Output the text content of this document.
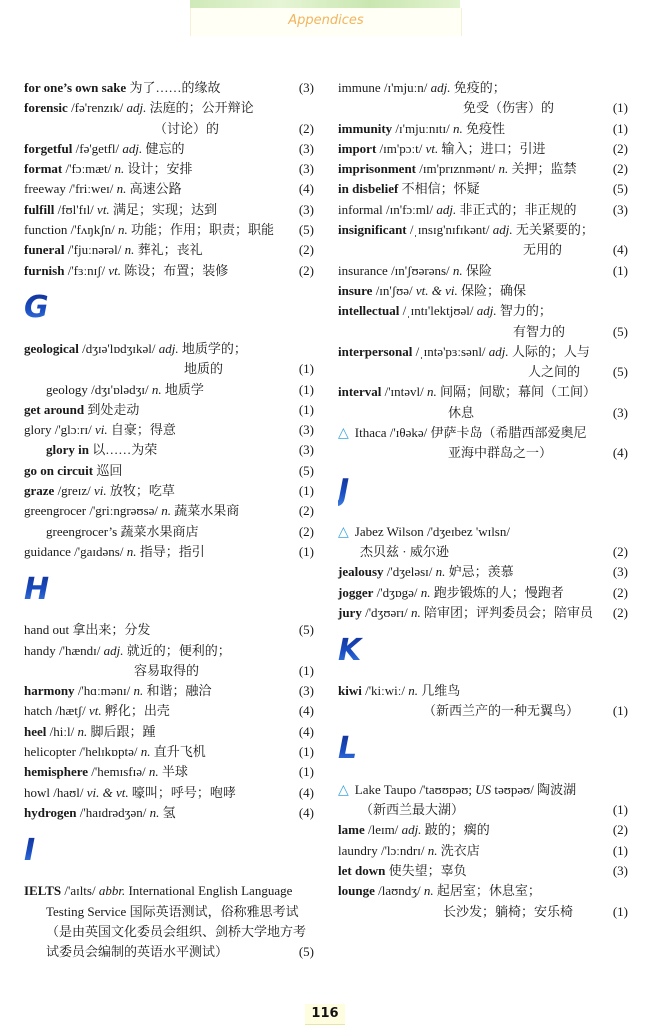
Appendices
for one’s own sake 为了……的缘故	(3)
forensic /fə'renzɪk/ adj. 法庭的；公开辩论
（讨论）的	(2)
forgetful /fə'getfl/ adj. 健忘的	(3)
format /'fɔːmæt/ n. 设计；安排	(3)
freeway /'friːweɪ/ n. 高速公路	(4)
fulfill /fʊl'fɪl/ vt. 满足；实现；达到	(3)
function /'fʌŋkʃn/ n. 功能；作用；职责；职能 (5)
funeral /'fjuːnərəl/ n. 葬礼；丧礼	(2)
furnish /'fɜːnɪʃ/ vt. 陈设；布置；装修	(2)
G
geological /dʒɪə'lɒdʒɪkəl/ adj. 地质学的；
地质的	(1)
geology /dʒɪ'ɒlədʒɪ/ n. 地质学	(1)
get around 到处走动	(1)
glory /'glɔːrɪ/ vi. 自豪；得意	(3)
glory in 以……为荣	(3)
go on circuit 巡回	(5)
graze /greɪz/ vi. 放牧；吃草	(1)
greengrocer /'griːngrəʊsə/ n. 蔬菜水果商	(2)
greengrocer’s 蔬菜水果商店	(2)
guidance /'gaɪdəns/ n. 指导；指引	(1)
H
hand out 拿出来；分发	(5)
handy /'hændɪ/ adj. 就近的；便利的；
容易取得的	(1)
harmony /'hɑːmənɪ/ n. 和谐；融洽	(3)
hatch /hætʃ/ vt. 孵化；出壳	(4)
heel /hiːl/ n. 脚后跟；踵	(4)
helicopter /'helɪkɒptə/ n. 直升飞机	(1)
hemisphere /'hemɪsfɪə/ n. 半球	(1)
howl /haʊl/ vi. & vt. 嚎叫；呼号；咆哮	(4)
hydrogen /'haɪdrədʒən/ n. 氢	(4)
I
IELTS /'aɪlts/ abbr. International English Language
Testing Service 国际英语测试，俗称雅思考试
（是由英国文化委员会组织、剑桥大学地方考
试委员会编制的英语水平测试）	(5)
immune /ɪ'mjuːn/ adj. 免疫的；
免受（伤害）的	(1)
immunity /ɪ'mjuːnɪtɪ/ n. 免疫性	(1)
import /ɪm'pɔːt/ vt. 输入；进口；引进	(2)
imprisonment /ɪm'prɪznmənt/ n. 关押；监禁	(2)
in disbelief 不相信；怀疑	(5)
informal /ɪn'fɔːml/ adj. 非正式的；非正规的	(3)
insignificant /ˌɪnsɪg'nɪfɪkənt/ adj. 无关紧要的；
无用的	(4)
insurance /ɪn'ʃʊərəns/ n. 保险	(1)
insure /ɪn'ʃʊə/ vt. & vi. 保险；确保
intellectual /ˌɪntɪ'lektjʊəl/ adj. 智力的；
有智力的	(5)
interpersonal /ˌɪntə'pɜːsənl/ adj. 人际的；人与
人之间的	(5)
interval /'ɪntəvl/ n. 间隔；间歇；幕间（工间）
休息	(3)
△ Ithaca /'ɪθəkə/ 伊萨卡岛（希腊西部爱奥尼
亚海中群岛之一）	(4)
J
△ Jabez Wilson /'dʒeɪbez 'wɪlsn/
杰贝兹 · 威尔逊	(2)
jealousy /'dʒeləsɪ/ n. 妒忌；羡慕	(3)
jogger /'dʒɒgə/ n. 跑步锻炼的人；慢跑者	(2)
jury /'dʒʊərɪ/ n. 陪审团；评判委员会；陪审员 (2)
K
kiwi /'kiːwiː/ n. 几维鸟
（新西兰产的一种无翼鸟）	(1)
L
△ Lake Taupo /'taʊʊpəʊ; US təʊpəʊ/ 陶波湖
（新西兰最大湖）	(1)
lame /leɪm/ adj. 跛的；瘸的	(2)
laundry /'lɔːndrɪ/ n. 洗衣店	(1)
let down 使失望；辜负	(3)
lounge /laʊndʒ/ n. 起居室；休息室；
长沙发；躺椅；安乐椅	(1)
116
